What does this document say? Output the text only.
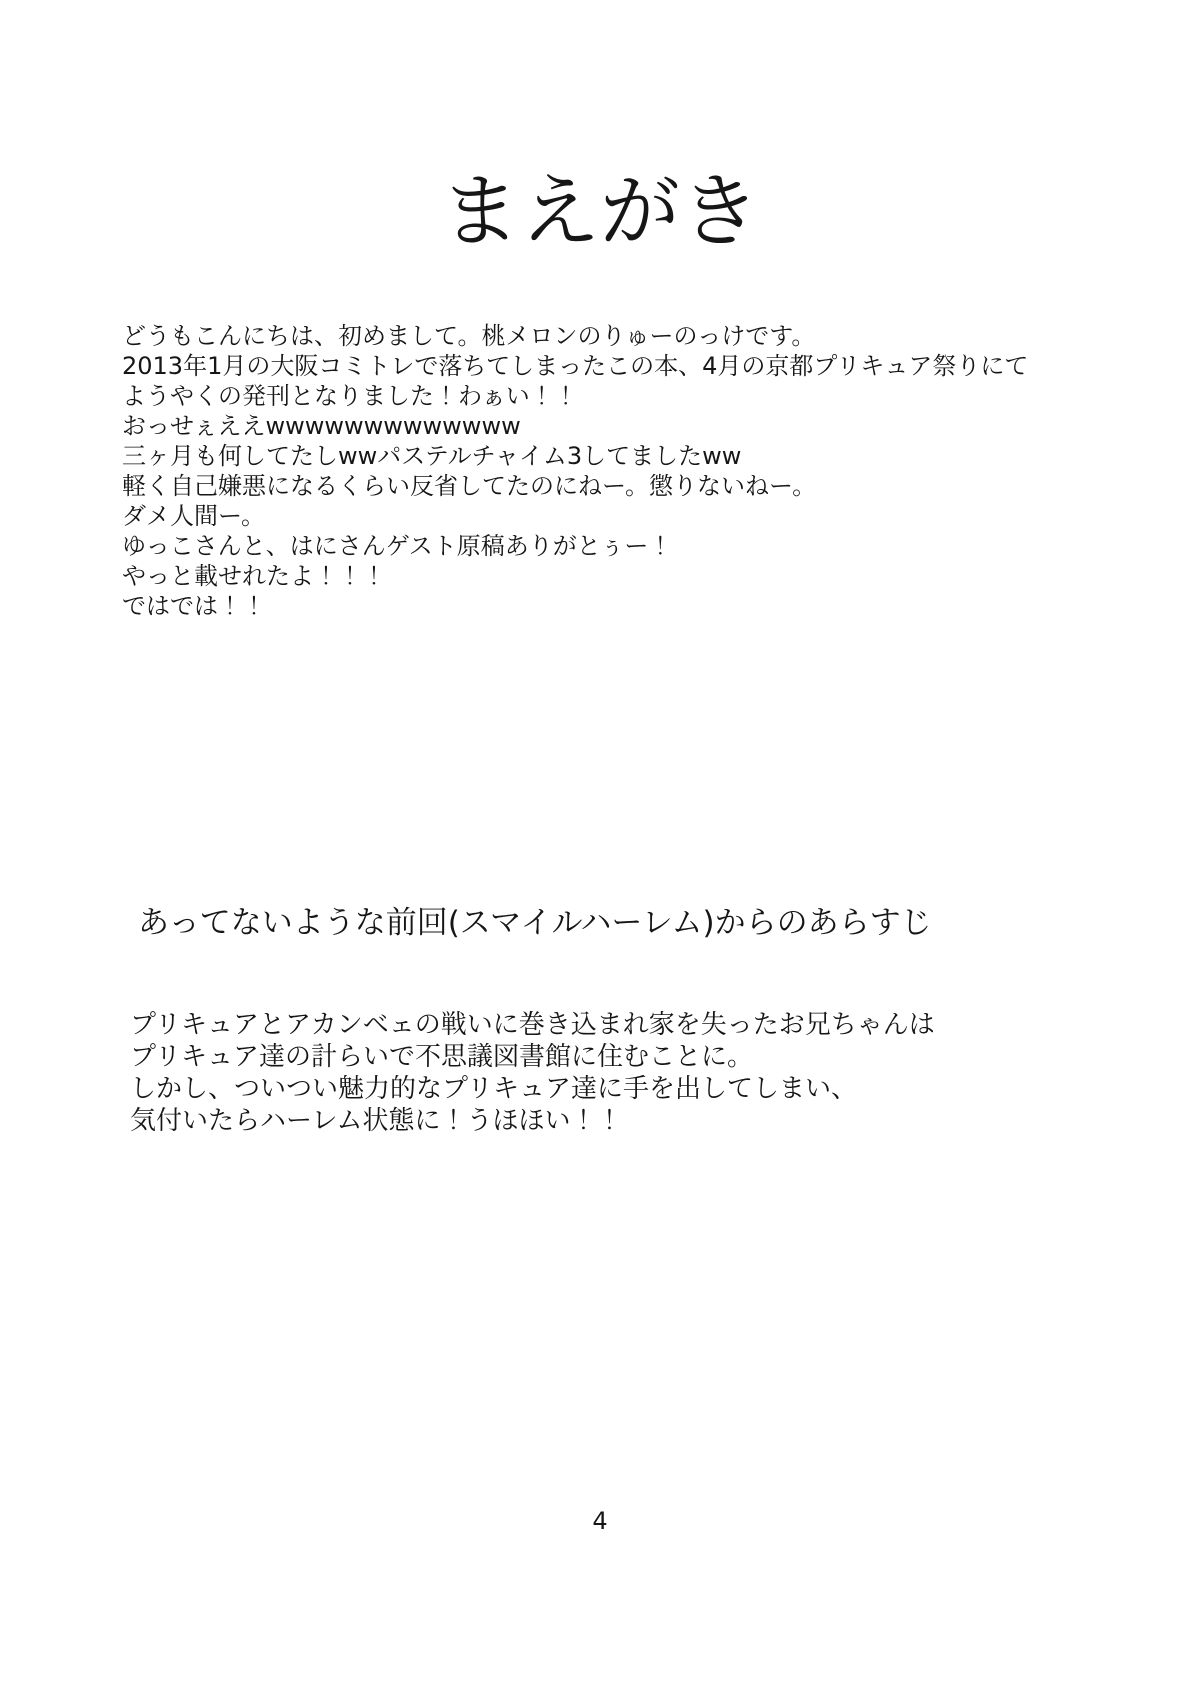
まえがき
どうもこんにちは、初めまして。桃メロンのりゅーのっけです。
2013年1月の大阪コミトレで落ちてしまったこの本、4月の京都プリキュア祭りにて
ようやくの発刊となりました！わぁい！！
おっせぇええwwwwwwwwwwwww
三ヶ月も何してたしwwパステルチャイム3してましたww
軽く自己嫌悪になるくらい反省してたのにねー。懲りないねー。
ダメ人間ー。
ゆっこさんと、はにさんゲスト原稿ありがとぅー！
やっと載せれたよ！！！
ではでは！！
あってないような前回(スマイルハーレム)からのあらすじ
プリキュアとアカンベェの戦いに巻き込まれ家を失ったお兄ちゃんは
プリキュア達の計らいで不思議図書館に住むことに。
しかし、ついつい魅力的なプリキュア達に手を出してしまい、
気付いたらハーレム状態に！うほほい！！
4
